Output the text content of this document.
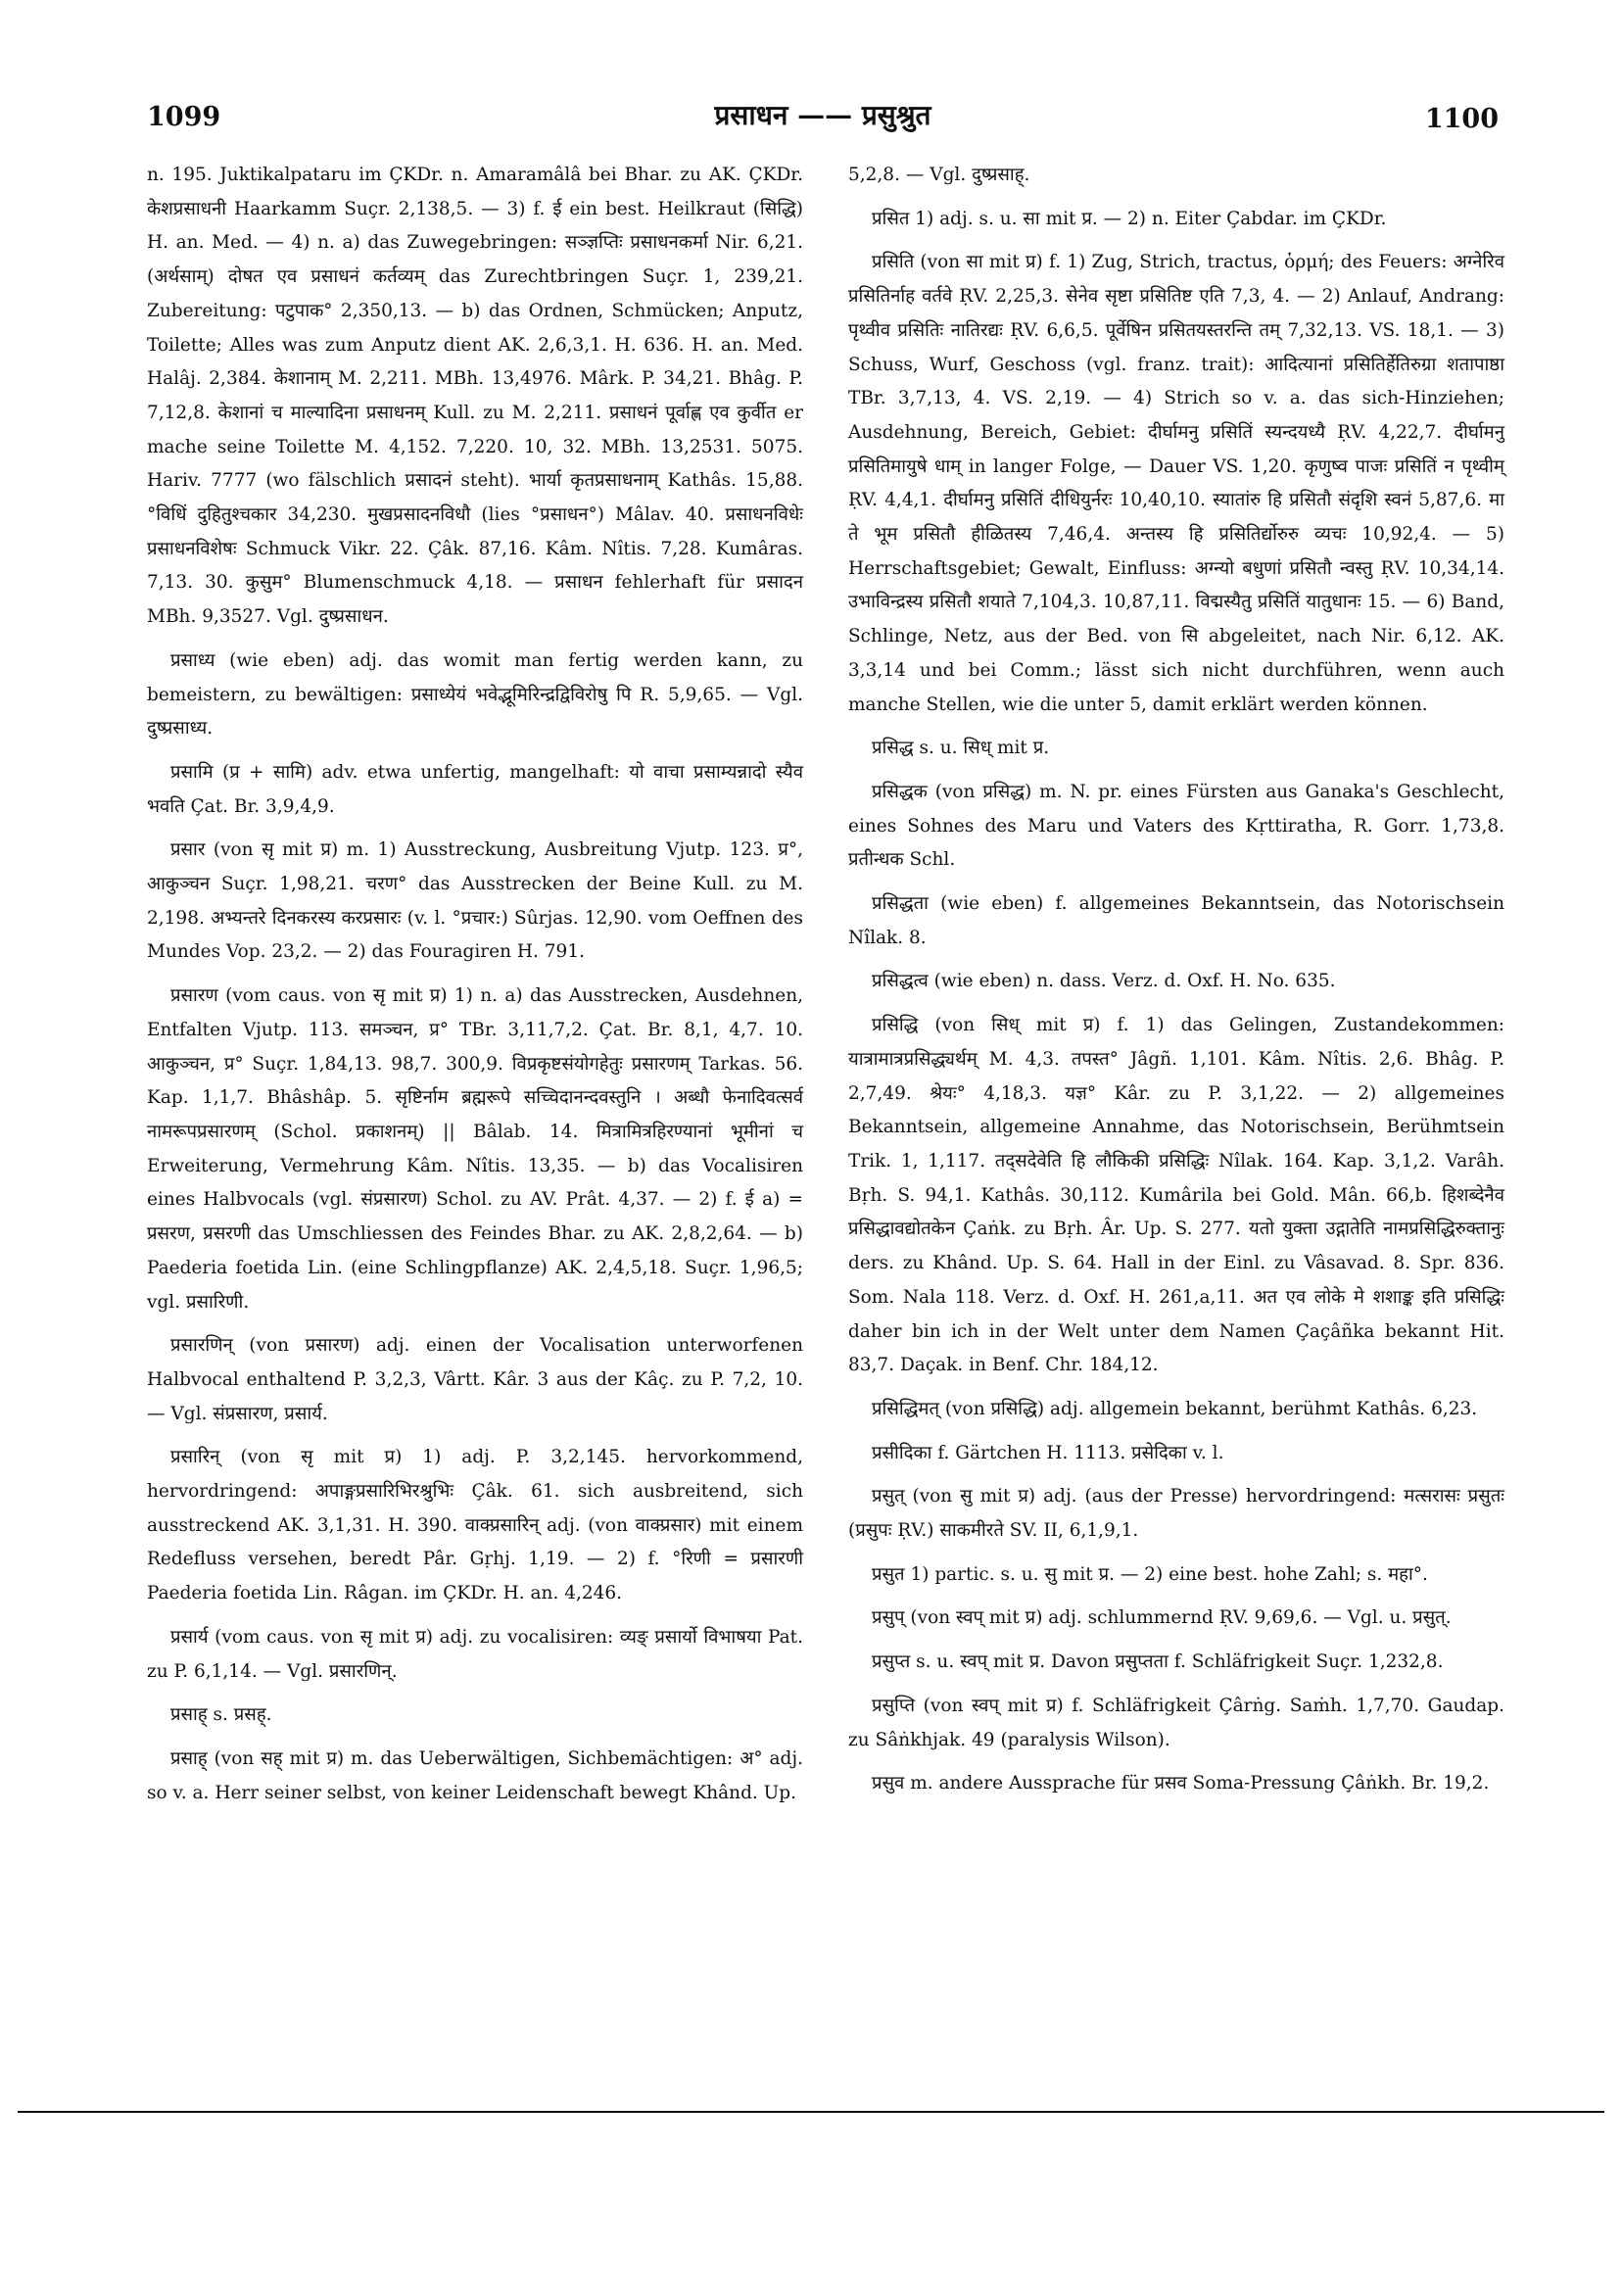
1099	प्रसाधन —— प्रसुश्रुत	1100

n. 195. Juktikalpataru im ÇKDr. n. Amaramâlâ bei Bhar. zu AK. ÇKDr. केशप्रसाधनी Haarkamm Suçr. 2,138,5. — 3) f. ई ein best. Heilkraut (सिद्धि) H. an. Med. — 4) n. a) das Zuwegebringen: सञ्ज्ञप्तिः प्रसाधनकर्मा Nir. 6,21. (अर्थसाम्) दोषत एव प्रसाधनं कर्तव्यम् das Zurechtbringen Suçr. 1, 239,21. Zubereitung: पटुपाक° 2,350,13. — b) das Ordnen, Schmücken; Anputz, Toilette; Alles was zum Anputz dient AK. 2,6,3,1. H. 636. H. an. Med. Halâj. 2,384. केशानाम् M. 2,211. MBh. 13,4976. Mârk. P. 34,21. Bhâg. P. 7,12,8. केशानां च माल्यादिना प्रसाधनम् Kull. zu M. 2,211. प्रसाधनं पूर्वाह्ण एव कुर्वीत er mache seine Toilette M. 4,152. 7,220. 10, 32. MBh. 13,2531. 5075. Hariv. 7777 (wo fälschlich प्रसादनं steht). भार्या कृतप्रसाधनाम् Kathâs. 15,88. °विधिं दुहितुश्चकार 34,230. मुखप्रसादनविधौ (lies °प्रसाधन°) Mâlav. 40. प्रसाधनविधेः प्रसाधनविशेषः Schmuck Vikr. 22. Çâk. 87,16. Kâm. Nîtis. 7,28. Kumâras. 7,13. 30. कुसुम° Blumenschmuck 4,18. — प्रसाधन fehlerhaft für प्रसादन MBh. 9,3527. Vgl. दुष्प्रसाधन.

प्रसाध्य (wie eben) adj. das womit man fertig werden kann, zu bemeistern, zu bewältigen: प्रसाध्येयं भवेद्भूमिरिन्द्रद्विविरोषु पि R. 5,9,65. — Vgl. दुष्प्रसाध्य.

प्रसामि (प्र + सामि) adv. etwa unfertig, mangelhaft: यो वाचा प्रसाम्यन्नादो स्यैव भवति Çat. Br. 3,9,4,9.

प्रसार (von सृ mit प्र) m. 1) Ausstreckung, Ausbreitung Vjutp. 123. प्र°, आकुञ्चन Suçr. 1,98,21. चरण° das Ausstrecken der Beine Kull. zu M. 2,198. अभ्यन्तरे दिनकरस्य करप्रसारः (v. l. °प्रचार:) Sûrjas. 12,90. vom Oeffnen des Mundes Vop. 23,2. — 2) das Fouragiren H. 791.

प्रसारण (vom caus. von सृ mit प्र) 1) n. a) das Ausstrecken, Ausdehnen, Entfalten Vjutp. 113. समञ्चन, प्र° TBr. 3,11,7,2. Çat. Br. 8,1, 4,7. 10. आकुञ्चन, प्र° Suçr. 1,84,13. 98,7. 300,9. विप्रकृष्टसंयोगहेतुः प्रसारणम् Tarkas. 56. Kap. 1,1,7. Bhâshâp. 5. सृष्टिर्नाम ब्रह्मरूपे सच्चिदानन्दवस्तुनि । अब्धौ फेनादिवत्सर्व नामरूपप्रसारणम् (Schol. प्रकाशनम्) || Bâlab. 14. मित्रामित्रहिरण्यानां भूमीनां च Erweiterung, Vermehrung Kâm. Nîtis. 13,35. — b) das Vocalisiren eines Halbvocals (vgl. संप्रसारण) Schol. zu AV. Prât. 4,37. — 2) f. ई a) = प्रसरण, प्रसरणी das Umschliessen des Feindes Bhar. zu AK. 2,8,2,64. — b) Paederia foetida Lin. (eine Schlingpflanze) AK. 2,4,5,18. Suçr. 1,96,5; vgl. प्रसारिणी.

प्रसारणिन् (von प्रसारण) adj. einen der Vocalisation unterworfenen Halbvocal enthaltend P. 3,2,3, Vârtt. Kâr. 3 aus der Kâç. zu P. 7,2, 10. — Vgl. संप्रसारण, प्रसार्य.

प्रसारिन् (von सृ mit प्र) 1) adj. P. 3,2,145. hervorkommend, hervordringend: अपाङ्गप्रसारिभिरश्रुभिः Çâk. 61. sich ausbreitend, sich ausstreckend AK. 3,1,31. H. 390. वाक्प्रसारिन् adj. (von वाक्प्रसार) mit einem Redefluss versehen, beredt Pâr. Gṛhj. 1,19. — 2) f. °रिणी = प्रसारणी Paederia foetida Lin. Râgan. im ÇKDr. H. an. 4,246.

प्रसार्य (vom caus. von सृ mit प्र) adj. zu vocalisiren: व्यङ् प्रसार्यो विभाषया Pat. zu P. 6,1,14. — Vgl. प्रसारणिन्.

प्रसाह् s. प्रसह्.

प्रसाह् (von सह् mit प्र) m. das Ueberwältigen, Sichbemächtigen: अ° adj. so v. a. Herr seiner selbst, von keiner Leidenschaft bewegt Khând. Up.

5,2,8. — Vgl. दुष्प्रसाह्.

प्रसित 1) adj. s. u. सा mit प्र. — 2) n. Eiter Çabdar. im ÇKDr.

प्रसिति (von सा mit प्र) f. 1) Zug, Strich, tractus, ὁρμή; des Feuers: अग्नेरिव प्रसितिर्नाह वर्तवे ṚV. 2,25,3. सेनेव सृष्टा प्रसितिष्ट एति 7,3, 4. — 2) Anlauf, Andrang: पृथ्वीव प्रसितिः नातिरद्यः ṚV. 6,6,5. पूर्वेषिन प्रसितयस्तरन्ति तम् 7,32,13. VS. 18,1. — 3) Schuss, Wurf, Geschoss (vgl. franz. trait): आदित्यानां प्रसितिर्हेतिरुग्रा शतापाष्ठा TBr. 3,7,13, 4. VS. 2,19. — 4) Strich so v. a. das sich-Hinziehen; Ausdehnung, Bereich, Gebiet: दीर्घामनु प्रसितिं स्यन्दयध्यै ṚV. 4,22,7. दीर्घामनु प्रसितिमायुषे धाम् in langer Folge, — Dauer VS. 1,20. कृणुष्व पाजः प्रसितिं न पृथ्वीम् ṚV. 4,4,1. दीर्घामनु प्रसितिं दीधियुर्नरः 10,40,10. स्यातांरु हि प्रसितौ संदृशि स्वनं 5,87,6. मा ते भूम प्रसितौ हीळितस्य 7,46,4. अन्तस्य हि प्रसितिर्द्योरुरु व्यचः 10,92,4. — 5) Herrschaftsgebiet; Gewalt, Einfluss: अग्न्यो बधुणां प्रसितौ न्वस्तु ṚV. 10,34,14. उभाविन्द्रस्य प्रसितौ शयाते 7,104,3. 10,87,11. विद्मस्यैतु प्रसितिं यातुधानः 15. — 6) Band, Schlinge, Netz, aus der Bed. von सि abgeleitet, nach Nir. 6,12. AK. 3,3,14 und bei Comm.; lässt sich nicht durchführen, wenn auch manche Stellen, wie die unter 5, damit erklärt werden können.

प्रसिद्ध s. u. सिध् mit प्र.

प्रसिद्धक (von प्रसिद्ध) m. N. pr. eines Fürsten aus Ganaka's Geschlecht, eines Sohnes des Maru und Vaters des Kṛttiratha, R. Gorr. 1,73,8. प्रतीन्धक Schl.

प्रसिद्धता (wie eben) f. allgemeines Bekanntsein, das Notorischsein Nîlak. 8.

प्रसिद्धत्व (wie eben) n. dass. Verz. d. Oxf. H. No. 635.

प्रसिद्धि (von सिध् mit प्र) f. 1) das Gelingen, Zustandekommen: यात्रामात्रप्रसिद्ध्यर्थम् M. 4,3. तपस्त° Jâgñ. 1,101. Kâm. Nîtis. 2,6. Bhâg. P. 2,7,49. श्रेयः° 4,18,3. यज्ञ° Kâr. zu P. 3,1,22. — 2) allgemeines Bekanntsein, allgemeine Annahme, das Notorischsein, Berühmtsein Trik. 1, 1,117. तद्सदेवेति हि लौकिकी प्रसिद्धिः Nîlak. 164. Kap. 3,1,2. Varâh. Bṛh. S. 94,1. Kathâs. 30,112. Kumârila bei Gold. Mân. 66,b. हिशब्देनैव प्रसिद्धावद्योतकेन Çaṅk. zu Bṛh. Âr. Up. S. 277. यतो युक्ता उद्गातेति नामप्रसिद्धिरुक्तानुः ders. zu Khând. Up. S. 64. Hall in der Einl. zu Vâsavad. 8. Spr. 836. Som. Nala 118. Verz. d. Oxf. H. 261,a,11. अत एव लोके मे शशाङ्क इति प्रसिद्धिः daher bin ich in der Welt unter dem Namen Çaçâñka bekannt Hit. 83,7. Daçak. in Benf. Chr. 184,12.

प्रसिद्धिमत् (von प्रसिद्धि) adj. allgemein bekannt, berühmt Kathâs. 6,23.

प्रसीदिका f. Gärtchen H. 1113. प्रसेदिका v. l.

प्रसुत् (von सु mit प्र) adj. (aus der Presse) hervordringend: मत्सरासः प्रसुतः (प्रसुपः ṚV.) साकमीरते SV. II, 6,1,9,1.

प्रसुत 1) partic. s. u. सु mit प्र. — 2) eine best. hohe Zahl; s. महा°.

प्रसुप् (von स्वप् mit प्र) adj. schlummernd ṚV. 9,69,6. — Vgl. u. प्रसुत्.

प्रसुप्त s. u. स्वप् mit प्र. Davon प्रसुप्तता f. Schläfrigkeit Suçr. 1,232,8.

प्रसुप्ति (von स्वप् mit प्र) f. Schläfrigkeit Çârṅg. Saṁh. 1,7,70. Gaudap. zu Sâṅkhjak. 49 (paralysis Wilson).

प्रसुव m. andere Aussprache für प्रसव Soma-Pressung Çâṅkh. Br. 19,2.
